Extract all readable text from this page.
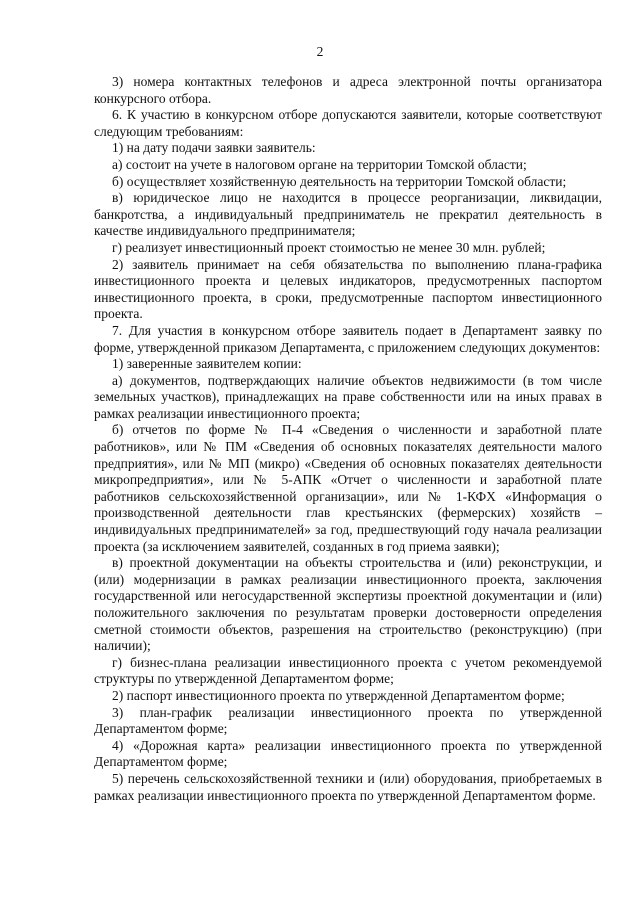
2

3) номера контактных телефонов и адреса электронной почты организатора конкурсного отбора.

6. К участию в конкурсном отборе допускаются заявители, которые соответствуют следующим требованиям:

1) на дату подачи заявки заявитель:

а) состоит на учете в налоговом органе на территории Томской области;

б) осуществляет хозяйственную деятельность на территории Томской области;

в) юридическое лицо не находится в процессе реорганизации, ликвидации, банкротства, а индивидуальный предприниматель не прекратил деятельность в качестве индивидуального предпринимателя;

г) реализует инвестиционный проект стоимостью не менее 30 млн. рублей;

2) заявитель принимает на себя обязательства по выполнению плана-графика инвестиционного проекта и целевых индикаторов, предусмотренных паспортом инвестиционного проекта, в сроки, предусмотренные паспортом инвестиционного проекта.

7. Для участия в конкурсном отборе заявитель подает в Департамент заявку по форме, утвержденной приказом Департамента, с приложением следующих документов:

1) заверенные заявителем копии:

а) документов, подтверждающих наличие объектов недвижимости (в том числе земельных участков), принадлежащих на праве собственности или на иных правах в рамках реализации инвестиционного проекта;

б) отчетов по форме № П-4 «Сведения о численности и заработной плате работников», или № ПМ «Сведения об основных показателях деятельности малого предприятия», или № МП (микро) «Сведения об основных показателях деятельности микропредприятия», или № 5-АПК «Отчет о численности и заработной плате работников сельскохозяйственной организации», или № 1-КФХ «Информация о производственной деятельности глав крестьянских (фермерских) хозяйств – индивидуальных предпринимателей» за год, предшествующий году начала реализации проекта (за исключением заявителей, созданных в год приема заявки);

в) проектной документации на объекты строительства и (или) реконструкции, и (или) модернизации в рамках реализации инвестиционного проекта, заключения государственной или негосударственной экспертизы проектной документации и (или) положительного заключения по результатам проверки достоверности определения сметной стоимости объектов, разрешения на строительство (реконструкцию) (при наличии);

г) бизнес-плана реализации инвестиционного проекта с учетом рекомендуемой структуры по утвержденной Департаментом форме;

2) паспорт инвестиционного проекта по утвержденной Департаментом форме;

3) план-график реализации инвестиционного проекта по утвержденной Департаментом форме;

4) «Дорожная карта» реализации инвестиционного проекта по утвержденной Департаментом форме;

5) перечень сельскохозяйственной техники и (или) оборудования, приобретаемых в рамках реализации инвестиционного проекта по утвержденной Департаментом форме.
